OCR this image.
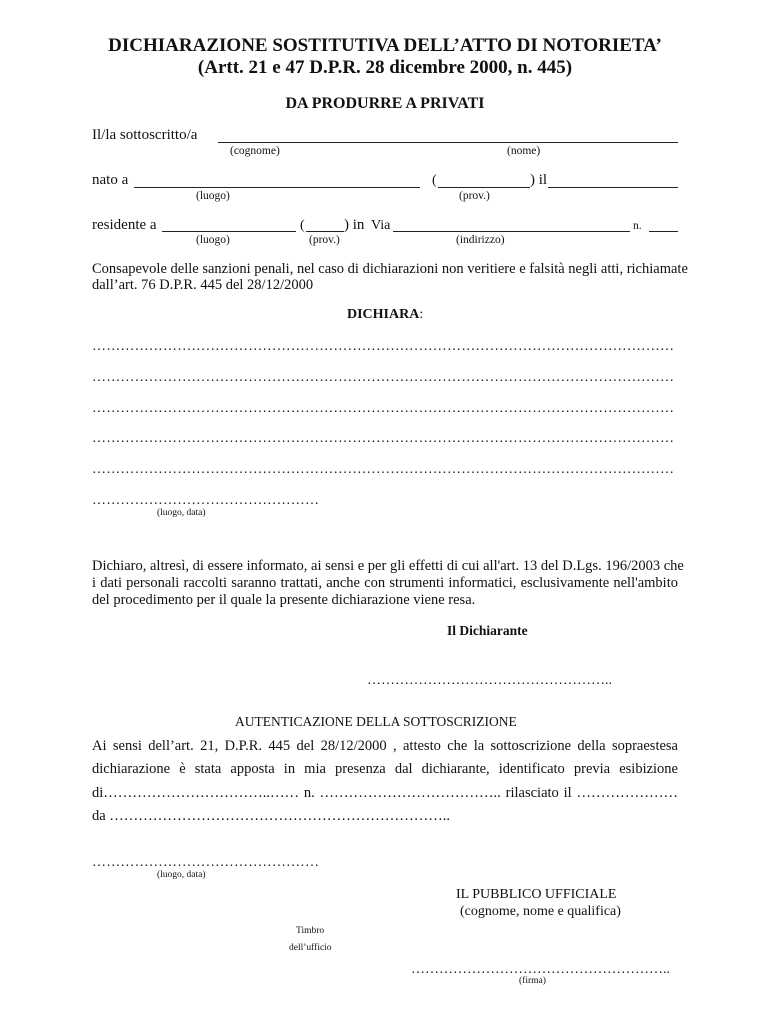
DICHIARAZIONE SOSTITUTIVA DELL’ATTO DI NOTORIETA’
(Artt. 21 e 47 D.P.R. 28 dicembre 2000, n. 445)
DA PRODURRE A PRIVATI
Il/la sottoscritto/a
(cognome)	(nome)
nato a	(	) il
(luogo)	(prov.)
residente a	(	) in Via	n.
(luogo)	(prov.)	(indirizzo)
Consapevole delle sanzioni penali, nel caso di dichiarazioni non veritiere e falsità negli atti, richiamate
dall’art. 76 D.P.R. 445 del 28/12/2000
DICHIARA:
……………………………………………………………………………………………………………
……………………………………………………………………………………………………………
……………………………………………………………………………………………………………
……………………………………………………………………………………………………………
……………………………………………………………………………………………………………
…………………………………………
(luogo, data)
Dichiaro, altresì, di essere informato, ai sensi e per gli effetti di cui all'art. 13 del D.Lgs. 196/2003 che
i dati personali raccolti saranno trattati, anche con strumenti informatici, esclusivamente nell'ambito
del procedimento per il quale la presente dichiarazione viene resa.
Il Dichiarante
……………………………………………..
AUTENTICAZIONE DELLA SOTTOSCRIZIONE
Ai sensi dell’art. 21, D.P.R. 445 del 28/12/2000 , attesto che la sottoscrizione della sopraestesa
dichiarazione è stata apposta in mia presenza dal dichiarante, identificato previa esibizione
di……………………………..…… n. ……………………………….. rilasciato il …………………
da ……………………………………………………………..
…………………………………………
(luogo, data)
IL PUBBLICO UFFICIALE
(cognome, nome e qualifica)
Timbro
dell’ufficio
………………………………………………..
(firma)
